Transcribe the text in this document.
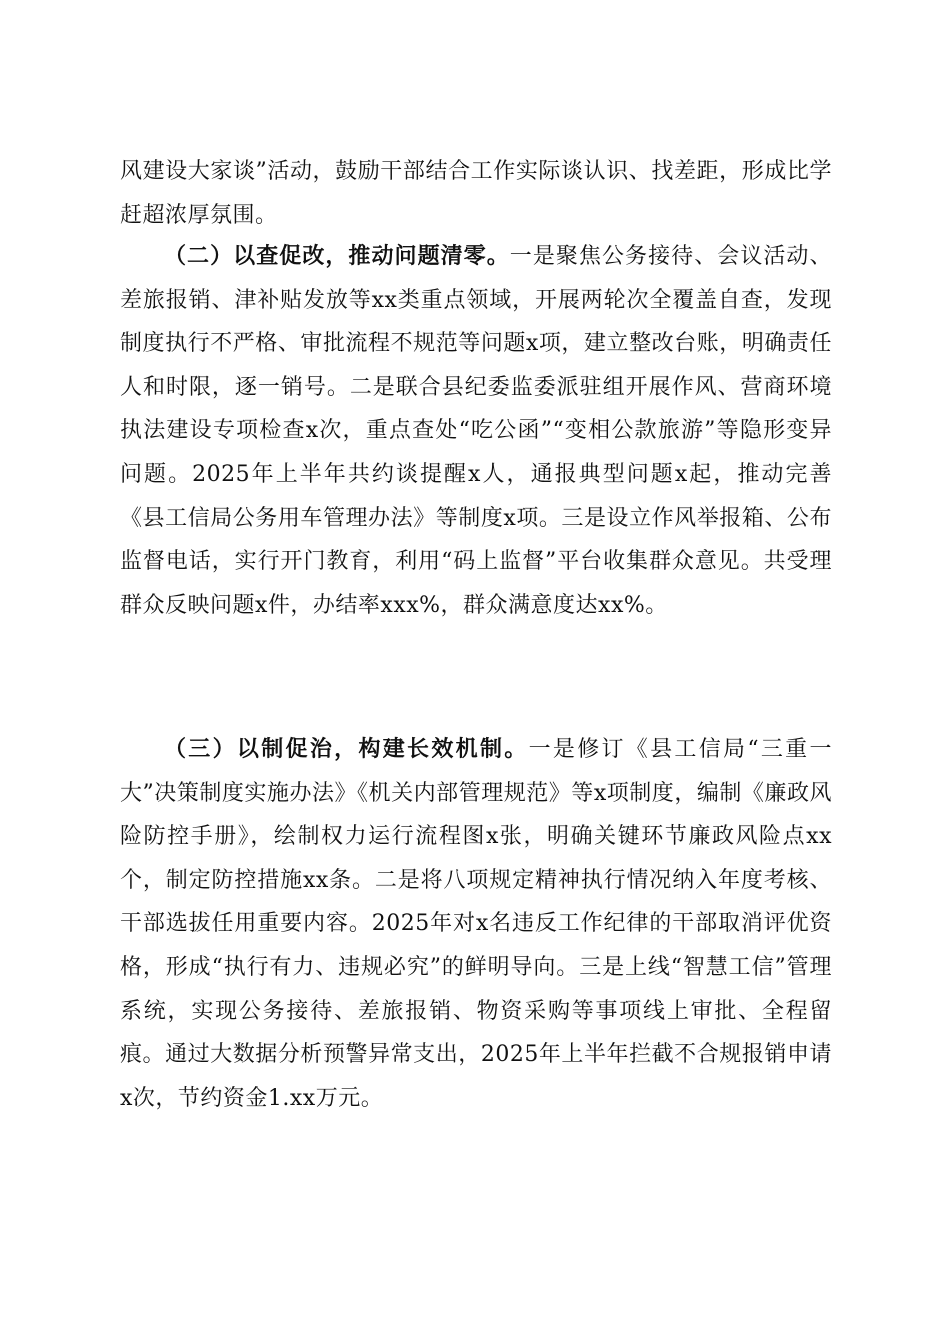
风建设大家谈”活动，鼓励干部结合工作实际谈认识、找差距，形成比学赶超浓厚氛围。

（二）以查促改，推动问题清零。一是聚焦公务接待、会议活动、差旅报销、津补贴发放等xx类重点领域，开展两轮次全覆盖自查，发现制度执行不严格、审批流程不规范等问题x项，建立整改台账，明确责任人和时限，逐一销号。二是联合县纪委监委派驻组开展作风、营商环境执法建设专项检查x次，重点查处“吃公函”“变相公款旅游”等隐形变异问题。2025年上半年共约谈提醒x人，通报典型问题x起，推动完善《县工信局公务用车管理办法》等制度x项。三是设立作风举报箱、公布监督电话，实行开门教育，利用“码上监督”平台收集群众意见。共受理群众反映问题x件，办结率xxx%，群众满意度达xx%。

（三）以制促治，构建长效机制。一是修订《县工信局“三重一大”决策制度实施办法》《机关内部管理规范》等x项制度，编制《廉政风险防控手册》，绘制权力运行流程图x张，明确关键环节廉政风险点xx个，制定防控措施xx条。二是将八项规定精神执行情况纳入年度考核、干部选拔任用重要内容。2025年对x名违反工作纪律的干部取消评优资格，形成“执行有力、违规必究”的鲜明导向。三是上线“智慧工信”管理系统，实现公务接待、差旅报销、物资采购等事项线上审批、全程留痕。通过大数据分析预警异常支出，2025年上半年拦截不合规报销申请x次，节约资金1.xx万元。
